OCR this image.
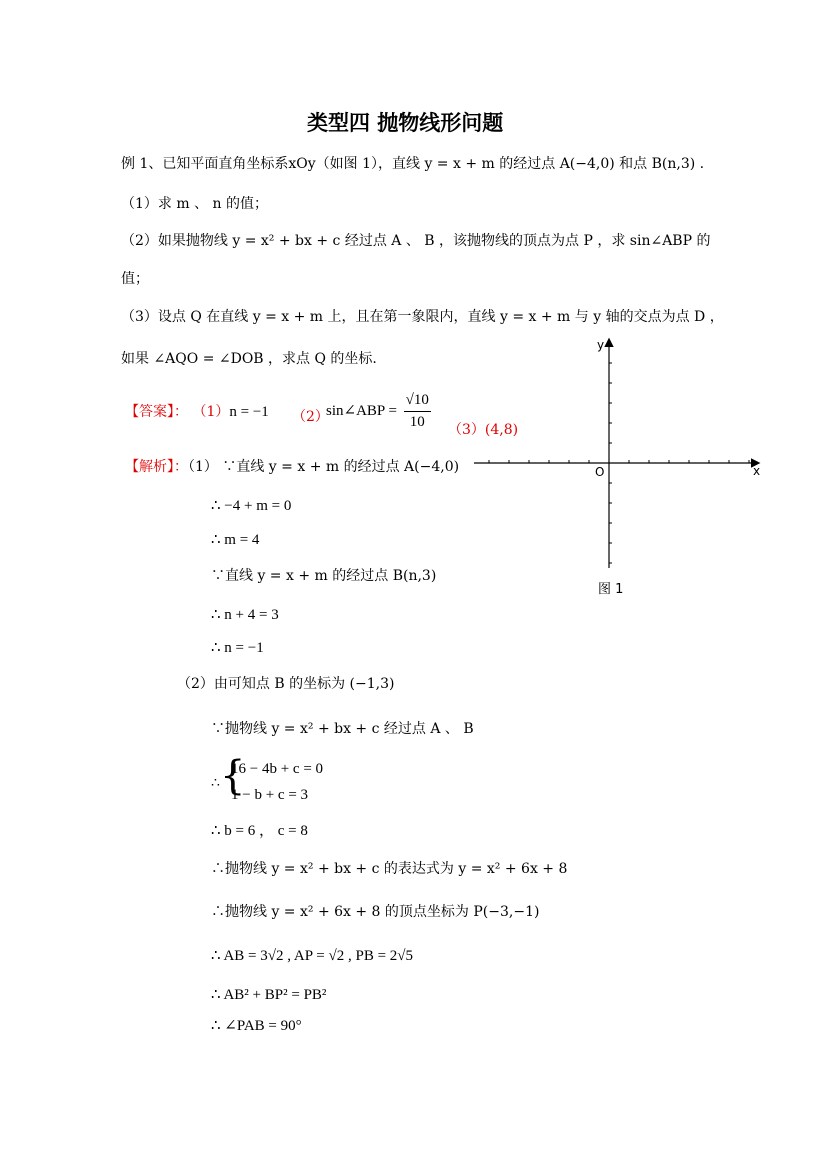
类型四 抛物线形问题
例 1、已知平面直角坐标系xOy（如图 1），直线 y = x + m 的经过点 A(−4,0) 和点 B(n,3) .
（1）求 m 、 n 的值；
（2）如果抛物线 y = x² + bx + c 经过点 A 、 B ，该抛物线的顶点为点 P ，求 sin∠ABP 的
值；
（3）设点 Q 在直线 y = x + m 上，且在第一象限内，直线 y = x + m 与 y 轴的交点为点 D ，
如果 ∠AQO = ∠DOB ，求点 Q 的坐标.
【答案】： （1）n = −1 （2）
sin∠ABP = $\frac{√10}{10} (3)(4,8)$
【解析】：（1） ∵直线 y = x + m 的经过点 A(−4,0)
∴ −4 + m = 0
∴ m = 4
∵直线 y = x + m 的经过点 B(n,3)
∴ n + 4 = 3
∴ n = −1
（2）由可知点 B 的坐标为 (−1,3)
∵抛物线 y = x² + bx + c 经过点 A 、 B
∴ {
16 − 4b + c = 0
1 − b + c = 3
∴ b = 6 ， c = 8
∴抛物线 y = x² + bx + c 的表达式为 y = x² + 6x + 8
∴抛物线 y = x² + 6x + 8 的顶点坐标为 P(−3,−1)
∴ AB = 3√2 , AP = √2 , PB = 2√5
∴ AB² + BP² = PB²
∴ ∠PAB = 90°
y
x
O
图 1
